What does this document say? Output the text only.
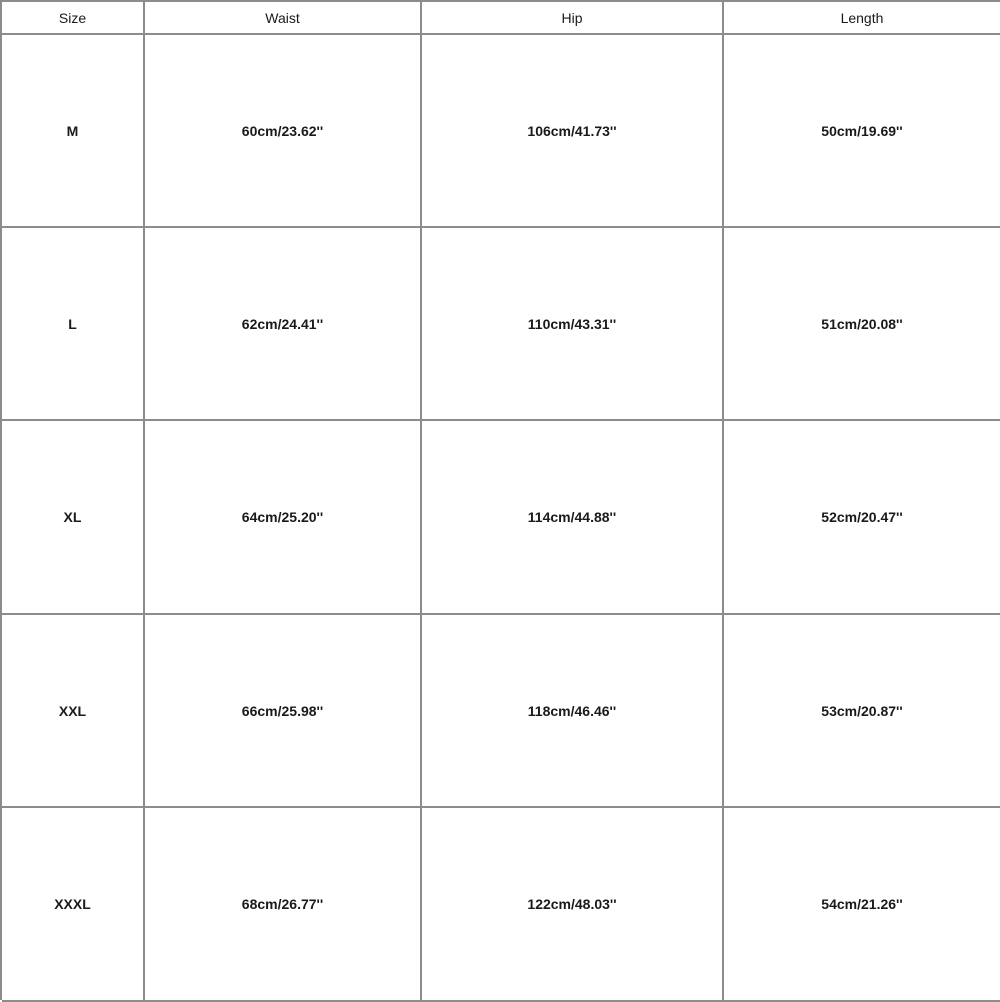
Size	Waist	Hip	Length
M	60cm/23.62''	106cm/41.73''	50cm/19.69''
L	62cm/24.41''	110cm/43.31''	51cm/20.08''
XL	64cm/25.20''	114cm/44.88''	52cm/20.47''
XXL	66cm/25.98''	118cm/46.46''	53cm/20.87''
XXXL	68cm/26.77''	122cm/48.03''	54cm/21.26''
